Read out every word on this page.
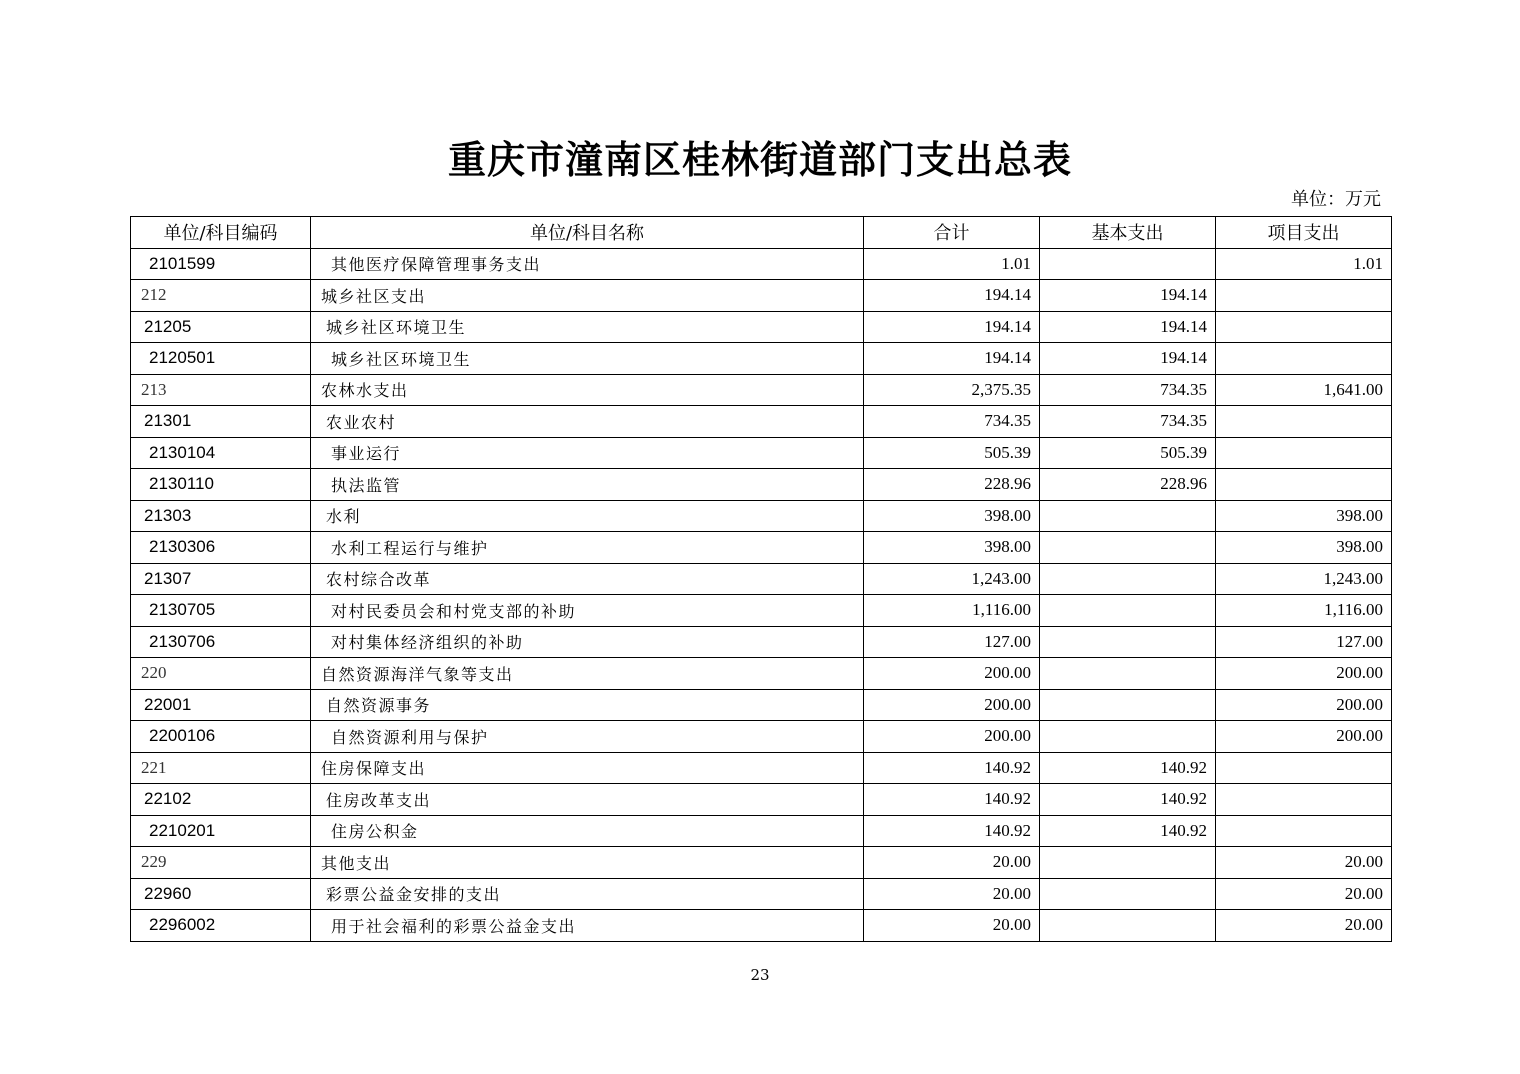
重庆市潼南区桂林街道部门支出总表
单位：万元
单位/科目编码	单位/科目名称	合计	基本支出	项目支出
2101599	其他医疗保障管理事务支出	1.01		1.01
212	城乡社区支出	194.14	194.14	
21205	城乡社区环境卫生	194.14	194.14	
2120501	城乡社区环境卫生	194.14	194.14	
213	农林水支出	2,375.35	734.35	1,641.00
21301	农业农村	734.35	734.35	
2130104	事业运行	505.39	505.39	
2130110	执法监管	228.96	228.96	
21303	水利	398.00		398.00
2130306	水利工程运行与维护	398.00		398.00
21307	农村综合改革	1,243.00		1,243.00
2130705	对村民委员会和村党支部的补助	1,116.00		1,116.00
2130706	对村集体经济组织的补助	127.00		127.00
220	自然资源海洋气象等支出	200.00		200.00
22001	自然资源事务	200.00		200.00
2200106	自然资源利用与保护	200.00		200.00
221	住房保障支出	140.92	140.92	
22102	住房改革支出	140.92	140.92	
2210201	住房公积金	140.92	140.92	
229	其他支出	20.00		20.00
22960	彩票公益金安排的支出	20.00		20.00
2296002	用于社会福利的彩票公益金支出	20.00		20.00
23
